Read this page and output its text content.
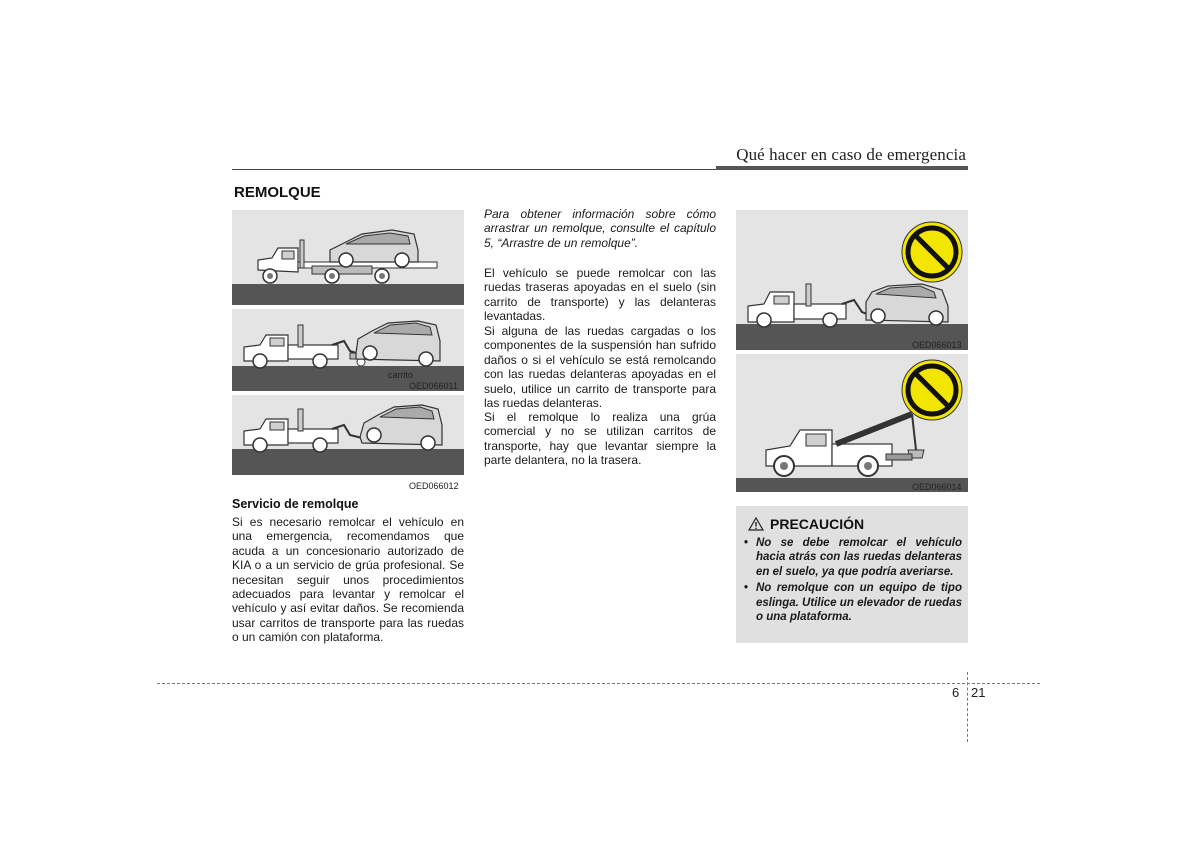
Qué hacer en caso de emergencia
REMOLQUE
carrito
OED066011
OED066012
Servicio de remolque

Si es necesario remolcar el vehículo en una emergencia, recomendamos que acuda a un concesionario autorizado de KIA o a un servicio de grúa profesional. Se necesitan seguir unos procedimientos adecuados para levantar y remolcar el vehículo y así evitar daños. Se recomienda usar carritos de transporte para las ruedas o un camión con plataforma.

Para obtener información sobre cómo arrastrar un remolque, consulte el capítulo 5, “Arrastre de un remolque”.

El vehículo se puede remolcar con las ruedas traseras apoyadas en el suelo (sin carrito de transporte) y las delanteras levantadas.

Si alguna de las ruedas cargadas o los componentes de la suspensión han sufrido daños o si el vehículo se está remolcando con las ruedas delanteras apoyadas en el suelo, utilice un carrito de transporte para las ruedas delanteras.

Si el remolque lo realiza una grúa comercial y no se utilizan carritos de transporte, hay que levantar siempre la parte delantera, no la trasera.

OED066013
OED066014
PRECAUCIÓN
• No se debe remolcar el vehículo hacia atrás con las ruedas delanteras en el suelo, ya que podría averiarse.
• No remolque con un equipo de tipo eslinga. Utilice un elevador de ruedas o una plataforma.
6 21
